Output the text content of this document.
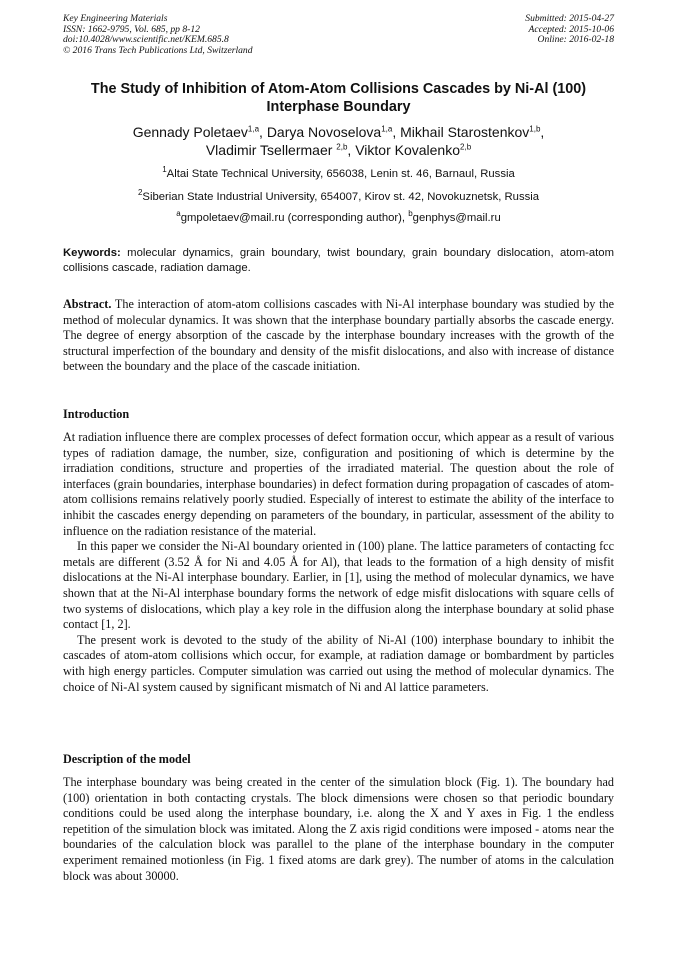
Key Engineering Materials
ISSN: 1662-9795, Vol. 685, pp 8-12
doi:10.4028/www.scientific.net/KEM.685.8
© 2016 Trans Tech Publications Ltd, Switzerland
Submitted: 2015-04-27
Accepted: 2015-10-06
Online: 2016-02-18
The Study of Inhibition of Atom-Atom Collisions Cascades by Ni-Al (100) Interphase Boundary
Gennady Poletaev$^{1,a}$, Darya Novoselova$^{1,a}$, Mikhail Starostenkov$^{1,b}$,
Vladimir Tsellermaer $^{2,b}$, Viktor Kovalenko$^{2,b}$
$^1$Altai State Technical University, 656038, Lenin st. 46, Barnaul, Russia
$^2$Siberian State Industrial University, 654007, Kirov st. 42, Novokuznetsk, Russia
$^a$gmpoletaev@mail.ru (corresponding author), $^b$genphys@mail.ru
Keywords: molecular dynamics, grain boundary, twist boundary, grain boundary dislocation, atom-atom collisions cascade, radiation damage.
Abstract. The interaction of atom-atom collisions cascades with Ni-Al interphase boundary was studied by the method of molecular dynamics. It was shown that the interphase boundary partially absorbs the cascade energy. The degree of energy absorption of the cascade by the interphase boundary increases with the growth of the structural imperfection of the boundary and density of the misfit dislocations, and also with increase of distance between the boundary and the place of the cascade initiation.
Introduction

At radiation influence there are complex processes of defect formation occur, which appear as a result of various types of radiation damage, the number, size, configuration and positioning of which is determine by the irradiation conditions, structure and properties of the irradiated material. The question about the role of interfaces (grain boundaries, interphase boundaries) in defect formation during propagation of cascades of atom-atom collisions remains relatively poorly studied. Especially of interest to estimate the ability of the interface to inhibit the cascades energy depending on parameters of the boundary, in particular, assessment of the ability to influence on the radiation resistance of the material.

In this paper we consider the Ni-Al boundary oriented in (100) plane. The lattice parameters of contacting fcc metals are different (3.52 Å for Ni and 4.05 Å for Al), that leads to the formation of a high density of misfit dislocations at the Ni-Al interphase boundary. Earlier, in [1], using the method of molecular dynamics, we have shown that at the Ni-Al interphase boundary forms the network of edge misfit dislocations with square cells of two systems of dislocations, which play a key role in the diffusion along the interphase boundary at solid phase contact [1, 2].

The present work is devoted to the study of the ability of Ni-Al (100) interphase boundary to inhibit the cascades of atom-atom collisions which occur, for example, at radiation damage or bombardment by particles with high energy particles. Computer simulation was carried out using the method of molecular dynamics. The choice of Ni-Al system caused by significant mismatch of Ni and Al lattice parameters.

Description of the model

The interphase boundary was being created in the center of the simulation block (Fig. 1). The boundary had (100) orientation in both contacting crystals. The block dimensions were chosen so that periodic boundary conditions could be used along the interphase boundary, i.e. along the X and Y axes in Fig. 1 the endless repetition of the simulation block was imitated. Along the Z axis rigid conditions were imposed - atoms near the boundaries of the calculation block was parallel to the plane of the interphase boundary in the computer experiment remained motionless (in Fig. 1 fixed atoms are dark grey). The number of atoms in the calculation block was about 30000.
